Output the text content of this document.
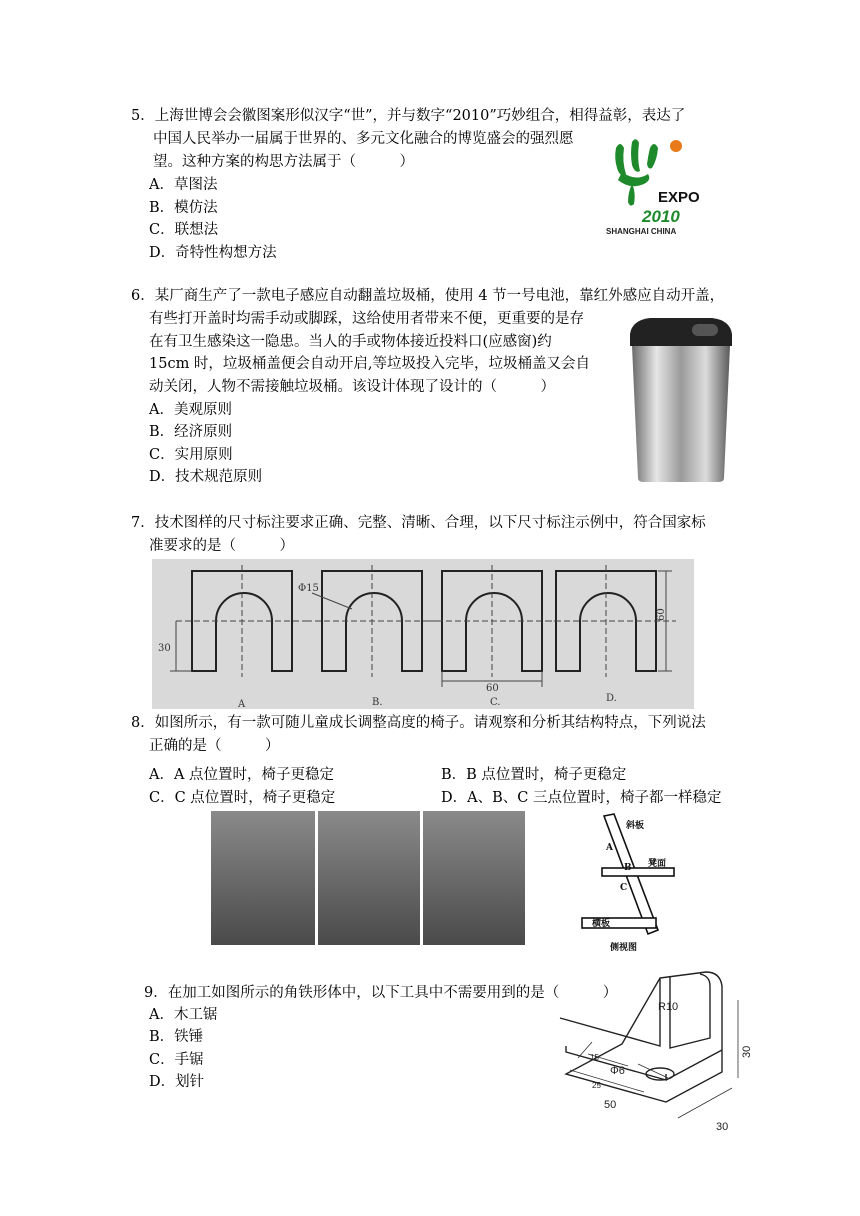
5．上海世博会会徽图案形似汉字“世”，并与数字“2010”巧妙组合，相得益彰，表达了
中国人民举办一届属于世界的、多元文化融合的博览盛会的强烈愿
望。这种方案的构思方法属于（　　　）
A．草图法
B．模仿法
C．联想法
D．奇特性构想方法
EXPO
2010
SHANGHAI CHINA
6．某厂商生产了一款电子感应自动翻盖垃圾桶，使用 4 节一号电池，靠红外感应自动开盖，
有些打开盖时均需手动或脚踩，这给使用者带来不便，更重要的是存
在有卫生感染这一隐患。当人的手或物体接近投料口(应感窗)约
15cm 时，垃圾桶盖便会自动开启,等垃圾投入完毕，垃圾桶盖又会自
动关闭，人物不需接触垃圾桶。该设计体现了设计的（　　　）
A．美观原则
B．经济原则
C．实用原则
D．技术规范原则
7．技术图样的尺寸标注要求正确、完整、清晰、合理，以下尺寸标注示例中，符合国家标
准要求的是（　　　）
30
Φ15
60
60
A	B.	C.	D.
8．如图所示，有一款可随儿童成长调整高度的椅子。请观察和分析其结构特点，下列说法
正确的是（　　　）
A．A 点位置时，椅子更稳定	B．B 点位置时，椅子更稳定
C．C 点位置时，椅子更稳定	D．A、B、C 三点位置时，椅子都一样稳定
斜板
凳面
横板
侧视图
A
B
C
9．在加工如图所示的角铁形体中，以下工具中不需要用到的是（　　　）
A．木工锯
B．铁锤
C．手锯
D．划针
R10
Φ6
15
25
50
30
30
